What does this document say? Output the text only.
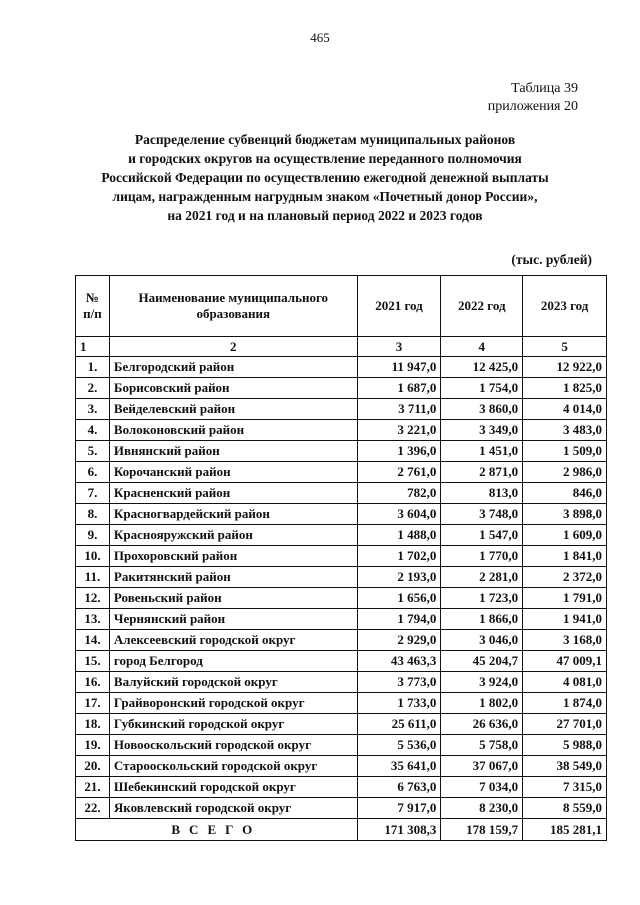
465
Таблица 39
приложения 20
Распределение субвенций бюджетам муниципальных районов
и городских округов на осуществление переданного полномочия
Российской Федерации по осуществлению ежегодной денежной выплаты
лицам, награжденным нагрудным знаком «Почетный донор России»,
на 2021 год и на плановый период 2022 и 2023 годов
(тыс. рублей)
№ п/п	Наименование муниципального образования	2021 год	2022 год	2023 год
1	2	3	4	5
1.	Белгородский район	11 947,0	12 425,0	12 922,0
2.	Борисовский район	1 687,0	1 754,0	1 825,0
3.	Вейделевский район	3 711,0	3 860,0	4 014,0
4.	Волоконовский район	3 221,0	3 349,0	3 483,0
5.	Ивнянский район	1 396,0	1 451,0	1 509,0
6.	Корочанский район	2 761,0	2 871,0	2 986,0
7.	Красненский район	782,0	813,0	846,0
8.	Красногвардейский район	3 604,0	3 748,0	3 898,0
9.	Краснояружский район	1 488,0	1 547,0	1 609,0
10.	Прохоровский район	1 702,0	1 770,0	1 841,0
11.	Ракитянский район	2 193,0	2 281,0	2 372,0
12.	Ровеньский район	1 656,0	1 723,0	1 791,0
13.	Чернянский район	1 794,0	1 866,0	1 941,0
14.	Алексеевский городской округ	2 929,0	3 046,0	3 168,0
15.	город Белгород	43 463,3	45 204,7	47 009,1
16.	Валуйский городской округ	3 773,0	3 924,0	4 081,0
17.	Грайворонский городской округ	1 733,0	1 802,0	1 874,0
18.	Губкинский городской округ	25 611,0	26 636,0	27 701,0
19.	Новооскольский городской округ	5 536,0	5 758,0	5 988,0
20.	Старооскольский городской округ	35 641,0	37 067,0	38 549,0
21.	Шебекинский городской округ	6 763,0	7 034,0	7 315,0
22.	Яковлевский городской округ	7 917,0	8 230,0	8 559,0
ВСЕГО		171 308,3	178 159,7	185 281,1
